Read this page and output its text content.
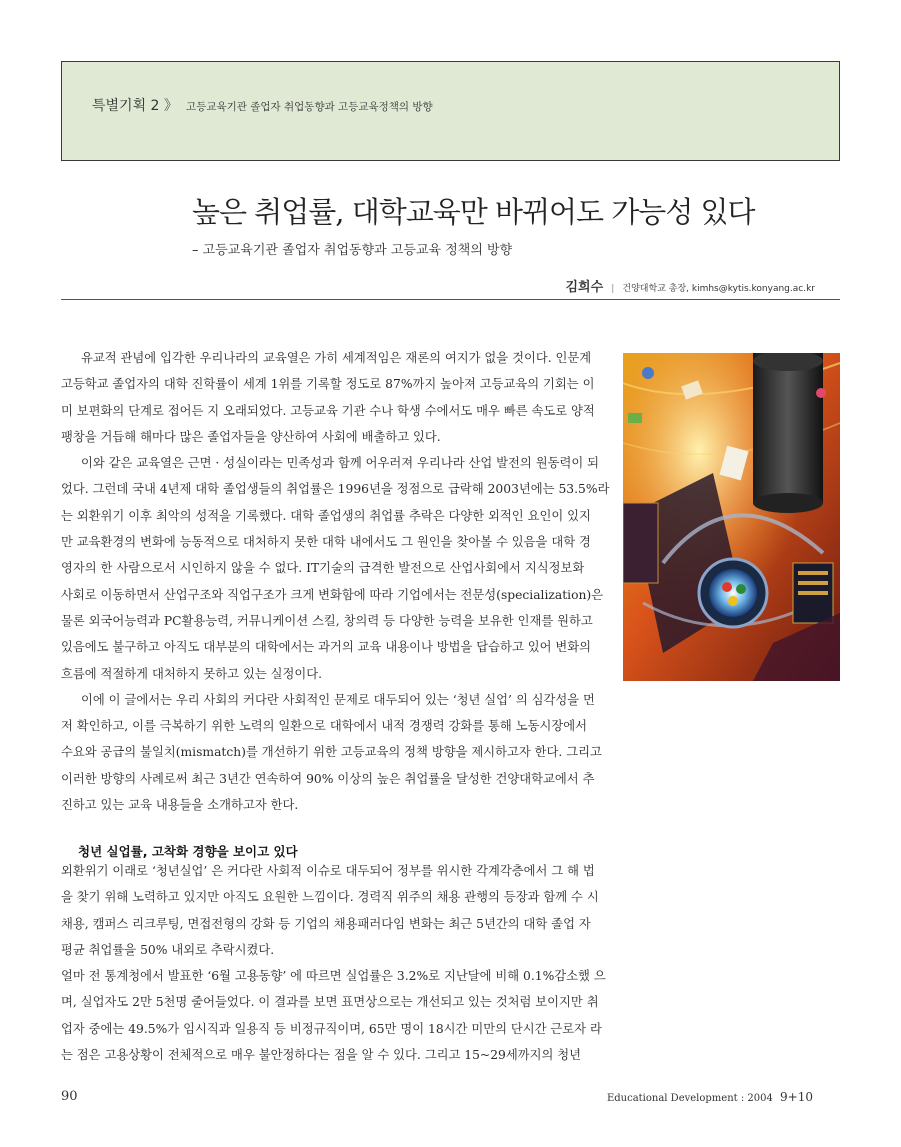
특별기획 2 》 고등교육기관 졸업자 취업동향과 고등교육정책의 방향
높은 취업률, 대학교육만 바뀌어도 가능성 있다
– 고등교육기관 졸업자 취업동향과 고등교육 정책의 방향
김희수 | 건양대학교 총장, kimhs@kytis.konyang.ac.kr
유교적 관념에 입각한 우리나라의 교육열은 가히 세계적임은 재론의 여지가 없을 것이다. 인문계
고등학교 졸업자의 대학 진학률이 세계 1위를 기록할 정도로 87%까지 높아져 고등교육의 기회는 이
미 보편화의 단계로 접어든 지 오래되었다. 고등교육 기관 수나 학생 수에서도 매우 빠른 속도로 양적
팽창을 거듭해 해마다 많은 졸업자들을 양산하여 사회에 배출하고 있다.
이와 같은 교육열은 근면 · 성실이라는 민족성과 함께 어우러져 우리나라 산업 발전의 원동력이 되
었다. 그런데 국내 4년제 대학 졸업생들의 취업률은 1996년을 정점으로 급락해 2003년에는 53.5%라
는 외환위기 이후 최악의 성적을 기록했다. 대학 졸업생의 취업률 추락은 다양한 외적인 요인이 있지
만 교육환경의 변화에 능동적으로 대처하지 못한 대학 내에서도 그 원인을 찾아볼 수 있음을 대학 경
영자의 한 사람으로서 시인하지 않을 수 없다. IT기술의 급격한 발전으로 산업사회에서 지식정보화
사회로 이동하면서 산업구조와 직업구조가 크게 변화함에 따라 기업에서는 전문성(specialization)은
물론 외국어능력과 PC활용능력, 커뮤니케이션 스킬, 창의력 등 다양한 능력을 보유한 인재를 원하고
있음에도 불구하고 아직도 대부분의 대학에서는 과거의 교육 내용이나 방법을 답습하고 있어 변화의
흐름에 적절하게 대처하지 못하고 있는 실정이다.
이에 이 글에서는 우리 사회의 커다란 사회적인 문제로 대두되어 있는 ‘청년 실업’ 의 심각성을 먼
저 확인하고, 이를 극복하기 위한 노력의 일환으로 대학에서 내적 경쟁력 강화를 통해 노동시장에서
수요와 공급의 불일치(mismatch)를 개선하기 위한 고등교육의 정책 방향을 제시하고자 한다. 그리고
이러한 방향의 사례로써 최근 3년간 연속하여 90% 이상의 높은 취업률을 달성한 건양대학교에서 추
진하고 있는 교육 내용들을 소개하고자 한다.
청년 실업률, 고착화 경향을 보이고 있다
외환위기 이래로 ‘청년실업’ 은 커다란 사회적 이슈로 대두되어 정부를 위시한 각계각층에서 그 해 법을 찾기 위해 노력하고 있지만 아직도 요원한 느낌이다. 경력직 위주의 채용 관행의 등장과 함께 수 시채용, 캠퍼스 리크루팅, 면접전형의 강화 등 기업의 채용패러다임 변화는 최근 5년간의 대학 졸업 자 평균 취업률을 50% 내외로 추락시켰다.
얼마 전 통계청에서 발표한 ‘6월 고용동향’ 에 따르면 실업률은 3.2%로 지난달에 비해 0.1%감소했 으며, 실업자도 2만 5천명 줄어들었다. 이 결과를 보면 표면상으로는 개선되고 있는 것처럼 보이지만 취업자 중에는 49.5%가 임시직과 일용직 등 비정규직이며, 65만 명이 18시간 미만의 단시간 근로자 라는 점은 고용상황이 전체적으로 매우 불안정하다는 점을 알 수 있다. 그리고 15~29세까지의 청년
90	Educational Development : 2004 9+10
